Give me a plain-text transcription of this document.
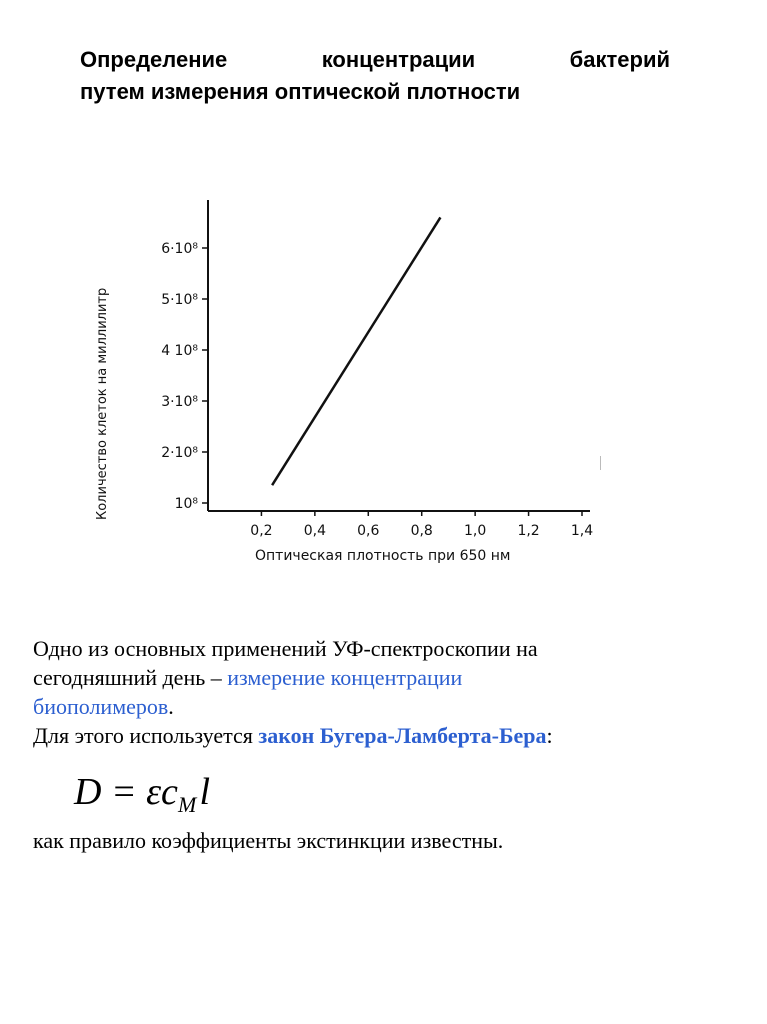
Определение концентрации бактерий
путем измерения оптической плотности
0,2 0,4 0,6 0,8 1,0 1,2 1,4
10⁸
2·10⁸
3·10⁸
4 10⁸
5·10⁸
6·10⁸
Оптическая плотность при 650 нм
Количество клеток на миллилитр

Одно из основных применений УФ-спектроскопии на

сегодняшний день – измерение концентрации

биополимеров.

Для этого используется закон Бугера-Ламберта-Бера:

$D = \varepsilon c_M$ l
как правило коэффициенты экстинкции известны.
